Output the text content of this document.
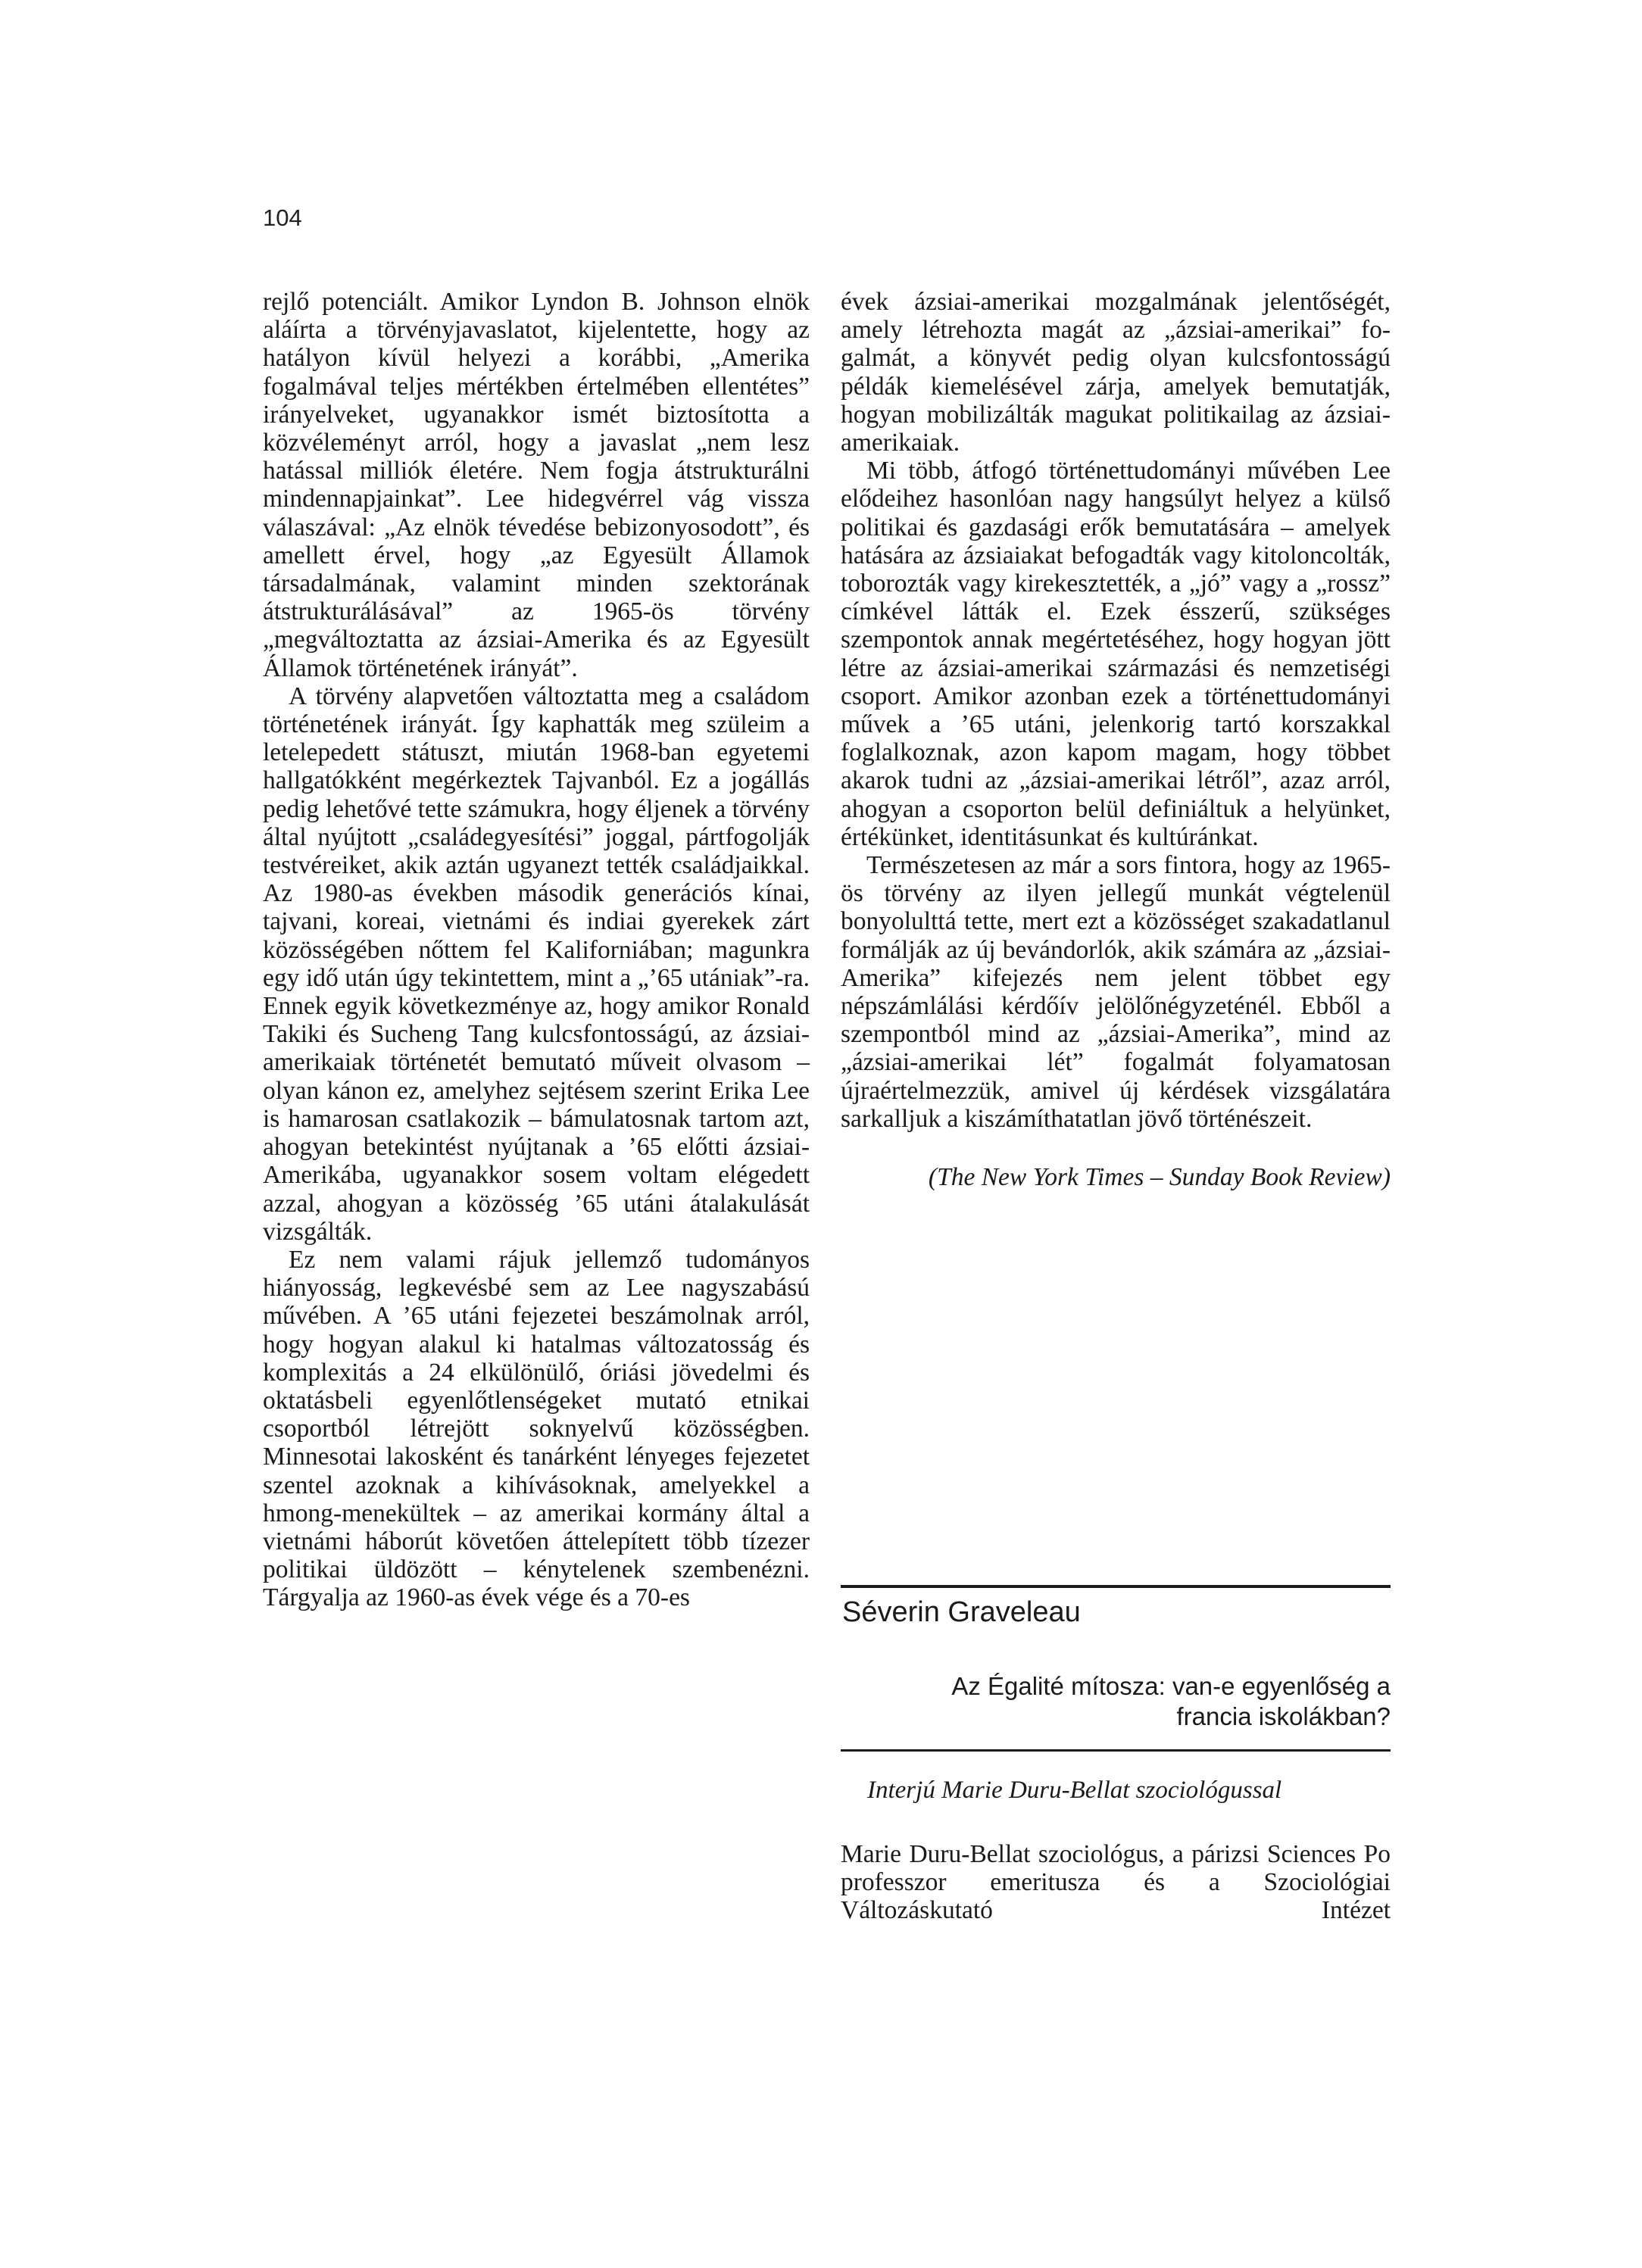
104

rejlő potenciált. Amikor Lyndon B. Johnson elnök aláírta a törvényjavaslatot, kijelentette, hogy az hatályon kívül helyezi a korábbi, „Amerika fogalmával teljes mértékben értelmében ellentétes” irányelveket, ugyanakkor ismét biztosította a közvéleményt arról, hogy a javaslat „nem lesz hatással milliók életére. Nem fogja átstrukturálni mindennapjainkat”. Lee hidegvérrel vág vissza válaszával: „Az elnök tévedése bebizonyosodott”, és amellett érvel, hogy „az Egyesült Államok társadalmának, valamint minden szektorának átstrukturálásával” az 1965-ös törvény „megváltoztatta az ázsiai-Amerika és az Egyesült Államok történetének irányát”.

A törvény alapvetően változtatta meg a családom történetének irányát. Így kaphatták meg szüleim a letelepedett státuszt, miután 1968-ban egyetemi hallgatókként megérkeztek Tajvanból. Ez a jogállás pedig lehetővé tette számukra, hogy éljenek a törvény által nyújtott „családegyesítési” joggal, pártfogolják testvéreiket, akik aztán ugyanezt tették családjaikkal. Az 1980-as években második generációs kínai, tajvani, koreai, vietnámi és indiai gyerekek zárt közösségében nőttem fel Kaliforniában; magunkra egy idő után úgy tekintettem, mint a „’65 utániak”-ra. Ennek egyik következménye az, hogy amikor Ronald Takiki és Sucheng Tang kulcsfontosságú, az ázsiai-amerikaiak történetét bemutató műveit olvasom – olyan kánon ez, amelyhez sejtésem szerint Erika Lee is hamarosan csatlakozik – bámulatosnak tartom azt, ahogyan betekintést nyújtanak a ’65 előtti ázsiai-Amerikába, ugyanakkor sosem voltam elégedett azzal, ahogyan a közösség ’65 utáni átalakulását vizsgálták.

Ez nem valami rájuk jellemző tudományos hiányosság, legkevésbé sem az Lee nagyszabású művében. A ’65 utáni fejezetei beszámolnak arról, hogy hogyan alakul ki hatalmas változatosság és komplexitás a 24 elkülönülő, óriási jövedelmi és oktatásbeli egyenlőtlenségeket mutató etnikai csoportból létrejött soknyelvű közösségben. Minnesotai lakosként és tanárként lényeges fejezetet szentel azoknak a kihívásoknak, amelyekkel a hmong-menekültek – az amerikai kormány által a vietnámi háborút követően áttelepített több tízezer politikai üldözött – kénytelenek szembenézni. Tárgyalja az 1960-as évek vége és a 70-es

évek ázsiai-amerikai mozgalmának jelentőségét, amely létrehozta magát az „ázsiai-amerikai” fogalmát, a könyvét pedig olyan kulcsfontosságú példák kiemelésével zárja, amelyek bemutatják, hogyan mobilizálták magukat politikailag az ázsiai-amerikaiak.

Mi több, átfogó történettudományi művében Lee elődeihez hasonlóan nagy hangsúlyt helyez a külső politikai és gazdasági erők bemutatására – amelyek hatására az ázsiaiakat befogadták vagy kitoloncolták, toborozták vagy kirekesztették, a „jó” vagy a „rossz” címkével látták el. Ezek ésszerű, szükséges szempontok annak megértetéséhez, hogy hogyan jött létre az ázsiai-amerikai származási és nemzetiségi csoport. Amikor azonban ezek a történettudományi művek a ’65 utáni, jelenkorig tartó korszakkal foglalkoznak, azon kapom magam, hogy többet akarok tudni az „ázsiai-amerikai létről”, azaz arról, ahogyan a csoporton belül definiáltuk a helyünket, értékünket, identitásunkat és kultúránkat.

Természetesen az már a sors fintora, hogy az 1965-ös törvény az ilyen jellegű munkát végtelenül bonyolulttá tette, mert ezt a közösséget szakadatlanul formálják az új bevándorlók, akik számára az „ázsiai-Amerika” kifejezés nem jelent többet egy népszámlálási kérdőív jelölőnégyzeténél. Ebből a szempontból mind az „ázsiai-Amerika”, mind az „ázsiai-amerikai lét” fogalmát folyamatosan újraértelmezzük, amivel új kérdések vizsgálatára sarkalljuk a kiszámíthatatlan jövő történészeit.

(The New York Times – Sunday Book Review)

Séverin Graveleau
Az Égalité mítosza: van-e egyenlőség a
francia iskolákban?
Interjú Marie Duru-Bellat szociológussal
Marie Duru-Bellat szociológus, a párizsi Sciences Po professzor emeritusza és a Szociológiai Változáskutató Intézet
